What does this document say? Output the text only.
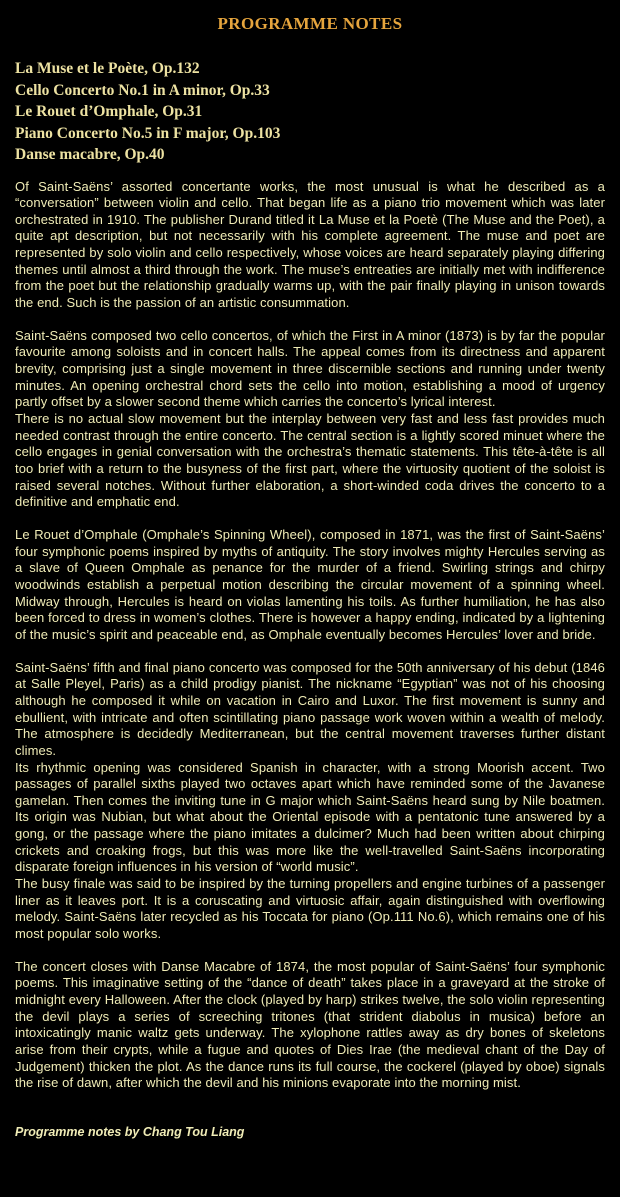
PROGRAMME NOTES
La Muse et le Poète, Op.132
Cello Concerto No.1 in A minor, Op.33
Le Rouet d’Omphale, Op.31
Piano Concerto No.5 in F major, Op.103
Danse macabre, Op.40
Of Saint-Saëns’ assorted concertante works, the most unusual is what he described as a “conversation” between violin and cello. That began life as a piano trio movement which was later orchestrated in 1910. The publisher Durand titled it La Muse et la Poetè (The Muse and the Poet), a quite apt description, but not necessarily with his complete agreement. The muse and poet are represented by solo violin and cello respectively, whose voices are heard separately playing differing themes until almost a third through the work. The muse’s entreaties are initially met with indifference from the poet but the relationship gradually warms up, with the pair finally playing in unison towards the end. Such is the passion of an artistic consummation.
Saint-Saëns composed two cello concertos, of which the First in A minor (1873) is by far the popular favourite among soloists and in concert halls. The appeal comes from its directness and apparent brevity, comprising just a single movement in three discernible sections and running under twenty minutes. An opening orchestral chord sets the cello into motion, establishing a mood of urgency partly offset by a slower second theme which carries the concerto’s lyrical interest.
There is no actual slow movement but the interplay between very fast and less fast provides much needed contrast through the entire concerto. The central section is a lightly scored minuet where the cello engages in genial conversation with the orchestra’s thematic statements. This tête-à-tête is all too brief with a return to the busyness of the first part, where the virtuosity quotient of the soloist is raised several notches. Without further elaboration, a short-winded coda drives the concerto to a definitive and emphatic end.
Le Rouet d’Omphale (Omphale’s Spinning Wheel), composed in 1871, was the first of Saint-Saëns’ four symphonic poems inspired by myths of antiquity. The story involves mighty Hercules serving as a slave of Queen Omphale as penance for the murder of a friend. Swirling strings and chirpy woodwinds establish a perpetual motion describing the circular movement of a spinning wheel. Midway through, Hercules is heard on violas lamenting his toils. As further humiliation, he has also been forced to dress in women’s clothes. There is however a happy ending, indicated by a lightening of the music’s spirit and peaceable end, as Omphale eventually becomes Hercules’ lover and bride.
Saint-Saëns’ fifth and final piano concerto was composed for the 50th anniversary of his debut (1846 at Salle Pleyel, Paris) as a child prodigy pianist. The nickname “Egyptian” was not of his choosing although he composed it while on vacation in Cairo and Luxor. The first movement is sunny and ebullient, with intricate and often scintillating piano passage work woven within a wealth of melody. The atmosphere is decidedly Mediterranean, but the central movement traverses further distant climes.
Its rhythmic opening was considered Spanish in character, with a strong Moorish accent. Two passages of parallel sixths played two octaves apart which have reminded some of the Javanese gamelan. Then comes the inviting tune in G major which Saint-Saëns heard sung by Nile boatmen. Its origin was Nubian, but what about the Oriental episode with a pentatonic tune answered by a gong, or the passage where the piano imitates a dulcimer? Much had been written about chirping crickets and croaking frogs, but this was more like the well-travelled Saint-Saëns incorporating disparate foreign influences in his version of “world music”.
The busy finale was said to be inspired by the turning propellers and engine turbines of a passenger liner as it leaves port. It is a coruscating and virtuosic affair, again distinguished with overflowing melody. Saint-Saëns later recycled as his Toccata for piano (Op.111 No.6), which remains one of his most popular solo works.
The concert closes with Danse Macabre of 1874, the most popular of Saint-Saëns’ four symphonic poems. This imaginative setting of the “dance of death” takes place in a graveyard at the stroke of midnight every Halloween. After the clock (played by harp) strikes twelve, the solo violin representing the devil plays a series of screeching tritones (that strident diabolus in musica) before an intoxicatingly manic waltz gets underway. The xylophone rattles away as dry bones of skeletons arise from their crypts, while a fugue and quotes of Dies Irae (the medieval chant of the Day of Judgement) thicken the plot. As the dance runs its full course, the cockerel (played by oboe) signals the rise of dawn, after which the devil and his minions evaporate into the morning mist.
Programme notes by Chang Tou Liang
